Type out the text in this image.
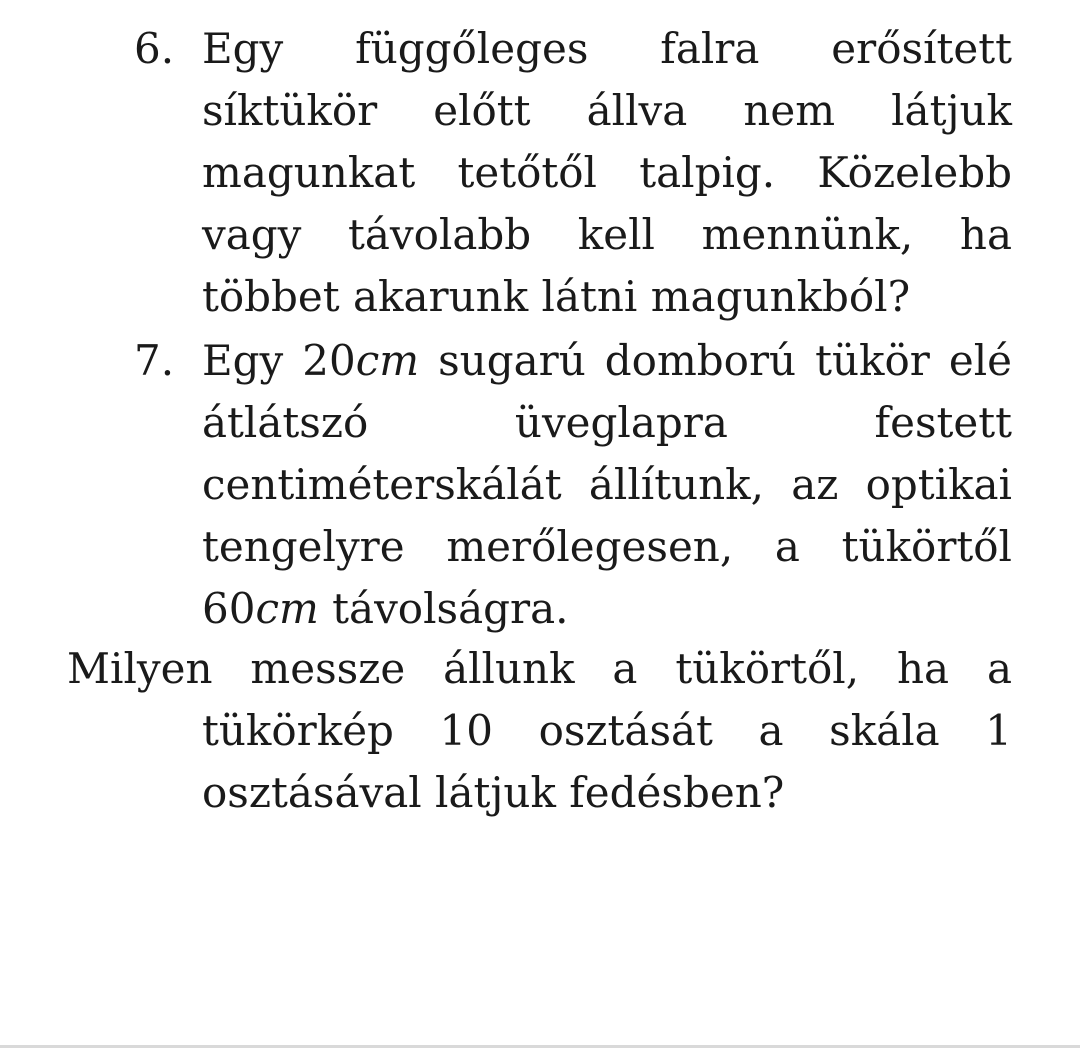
6. Egy függőleges falra erősített
síktükör előtt állva nem látjuk
magunkat tetőtől talpig. Közelebb
vagy távolabb kell mennünk, ha
többet akarunk látni magunkból?
7. Egy 20cm sugarú domború tükör elé
átlátszó üveglapra festett
centiméterskálát állítunk, az optikai
tengelyre merőlegesen, a tükörtől
60cm távolságra.
Milyen messze állunk a tükörtől, ha a
tükörkép 10 osztását a skála 1
osztásával látjuk fedésben?
